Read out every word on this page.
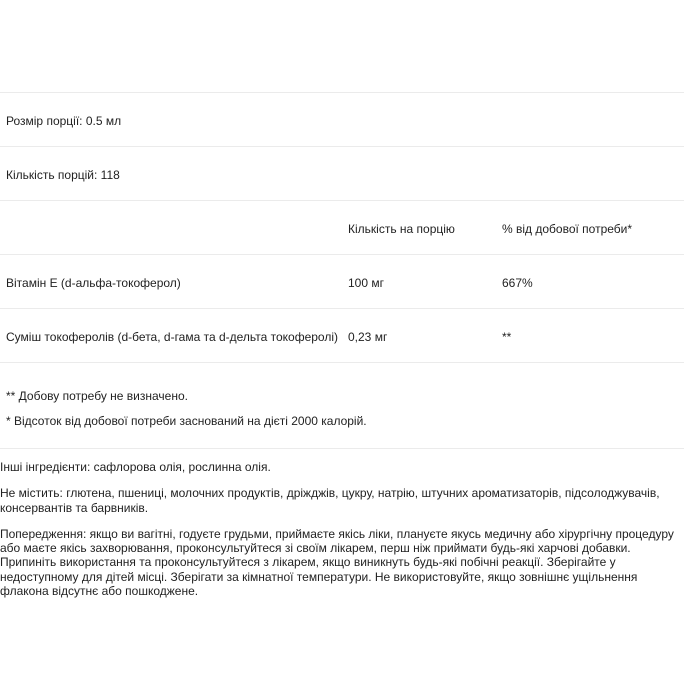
Розмір порції: 0.5 мл
Кількість порцій: 118
Кількість на порцію	% від добової потреби*
Вітамін Е (d-альфа-токоферол)	100 мг	667%
Суміш токоферолів (d-бета, d-гама та d-дельта токоферолі) 0,23 мг	**
** Добову потребу не визначено.
* Відсоток від добової потреби заснований на дієті 2000 калорій.

Інші інгредієнти: сафлорова олія, рослинна олія.

Не містить: глютена, пшениці, молочних продуктів, дріжджів, цукру, натрію, штучних ароматизаторів, підсолоджувачів, консервантів та барвників.

Попередження: якщо ви вагітні, годуєте грудьми, приймаєте якісь ліки, плануєте якусь медичну або хірургічну процедуру або маєте якісь захворювання, проконсультуйтеся зі своїм лікарем, перш ніж приймати будь-які харчові добавки. Припиніть використання та проконсультуйтеся з лікарем, якщо виникнуть будь-які побічні реакції. Зберігайте у недоступному для дітей місці. Зберігати за кімнатної температури. Не використовуйте, якщо зовнішнє ущільнення флакона відсутнє або пошкоджене.
